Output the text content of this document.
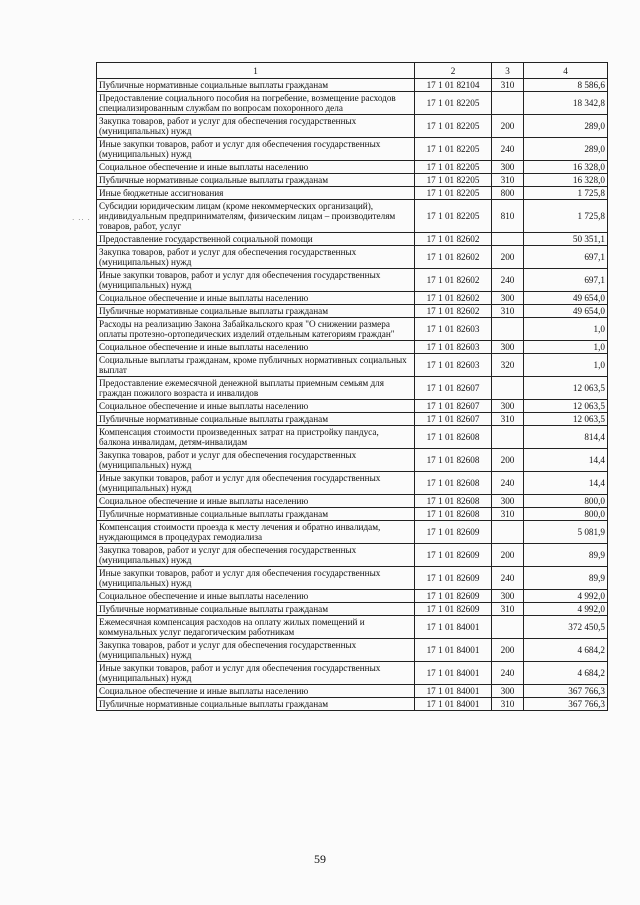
· ·· ·
1	2	3	4
Публичные нормативные социальные выплаты гражданам	17 1 01 82104	310	8 586,6
Предоставление социального пособия на погребение, возмещение расходов специализированным службам по вопросам похоронного дела	17 1 01 82205		18 342,8
Закупка товаров, работ и услуг для обеспечения государственных (муниципальных) нужд	17 1 01 82205	200	289,0
Иные закупки товаров, работ и услуг для обеспечения государственных (муниципальных) нужд	17 1 01 82205	240	289,0
Социальное обеспечение и иные выплаты населению	17 1 01 82205	300	16 328,0
Публичные нормативные социальные выплаты гражданам	17 1 01 82205	310	16 328,0
Иные бюджетные ассигнования	17 1 01 82205	800	1 725,8
Субсидии юридическим лицам (кроме некоммерческих организаций), индивидуальным предпринимателям, физическим лицам – производителям товаров, работ, услуг	17 1 01 82205	810	1 725,8
Предоставление государственной социальной помощи	17 1 01 82602		50 351,1
Закупка товаров, работ и услуг для обеспечения государственных (муниципальных) нужд	17 1 01 82602	200	697,1
Иные закупки товаров, работ и услуг для обеспечения государственных (муниципальных) нужд	17 1 01 82602	240	697,1
Социальное обеспечение и иные выплаты населению	17 1 01 82602	300	49 654,0
Публичные нормативные социальные выплаты гражданам	17 1 01 82602	310	49 654,0
Расходы на реализацию Закона Забайкальского края "О снижении размера оплаты протезно-ортопедических изделий отдельным категориям граждан"	17 1 01 82603		1,0
Социальное обеспечение и иные выплаты населению	17 1 01 82603	300	1,0
Социальные выплаты гражданам, кроме публичных нормативных социальных выплат	17 1 01 82603	320	1,0
Предоставление ежемесячной денежной выплаты приемным семьям для граждан пожилого возраста и инвалидов	17 1 01 82607		12 063,5
Социальное обеспечение и иные выплаты населению	17 1 01 82607	300	12 063,5
Публичные нормативные социальные выплаты гражданам	17 1 01 82607	310	12 063,5
Компенсация стоимости произведенных затрат на пристройку пандуса, балкона инвалидам, детям-инвалидам	17 1 01 82608		814,4
Закупка товаров, работ и услуг для обеспечения государственных (муниципальных) нужд	17 1 01 82608	200	14,4
Иные закупки товаров, работ и услуг для обеспечения государственных (муниципальных) нужд	17 1 01 82608	240	14,4
Социальное обеспечение и иные выплаты населению	17 1 01 82608	300	800,0
Публичные нормативные социальные выплаты гражданам	17 1 01 82608	310	800,0
Компенсация стоимости проезда к месту лечения и обратно инвалидам, нуждающимся в процедурах гемодиализа	17 1 01 82609		5 081,9
Закупка товаров, работ и услуг для обеспечения государственных (муниципальных) нужд	17 1 01 82609	200	89,9
Иные закупки товаров, работ и услуг для обеспечения государственных (муниципальных) нужд	17 1 01 82609	240	89,9
Социальное обеспечение и иные выплаты населению	17 1 01 82609	300	4 992,0
Публичные нормативные социальные выплаты гражданам	17 1 01 82609	310	4 992,0
Ежемесячная компенсация расходов на оплату жилых помещений и коммунальных услуг педагогическим работникам	17 1 01 84001		372 450,5
Закупка товаров, работ и услуг для обеспечения государственных (муниципальных) нужд	17 1 01 84001	200	4 684,2
Иные закупки товаров, работ и услуг для обеспечения государственных (муниципальных) нужд	17 1 01 84001	240	4 684,2
Социальное обеспечение и иные выплаты населению	17 1 01 84001	300	367 766,3
Публичные нормативные социальные выплаты гражданам	17 1 01 84001	310	367 766,3
59
